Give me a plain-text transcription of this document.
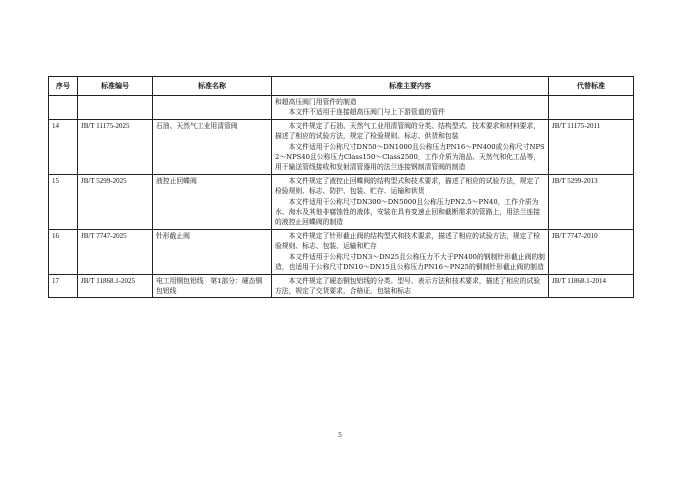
序号	标准编号	标准名称	标准主要内容	代替标准

			和超高压阀门用管件的制造

本文件不适用于连接超高压阀门与上下游管道的管件	

14	JB/T 11175-2025	石油、天然气工业用清管阀	本文件规定了石油、天然气工业用清管阀的分类、结构型式、技术要求和材料要求，描述了相应的试验方法，规定了检验规则、标志、供货和包装

本文件适用于公称尺寸DN50～DN1000且公称压力PN16～PN400或公称尺寸NPS2～NPS40且公称压力Class150～Class2500，工作介质为油品、天然气和化工品等，用于输送管线接收和发射清管器用的法兰连接钢制清管阀的制造	JB/T 11175-2011
15	JB/T 5299-2025	液控止回蝶阀	本文件规定了液控止回蝶阀的结构型式和技术要求，描述了相应的试验方法，规定了检验规则、标志、防护、包装、贮存、运输和供货

本文件适用于公称尺寸DN300～DN5000且公称压力PN2.5～PN40，工作介质为水、海水及其他非腐蚀性的液体，安装在具有变速止回和截断需求的管路上，用法兰连接的液控止回蝶阀的制造	JB/T 5299-2013
16	JB/T 7747-2025	针形截止阀	本文件规定了针形截止阀的结构型式和技术要求，描述了相应的试验方法，规定了检验规则、标志、包装、运输和贮存

本文件适用于公称尺寸DN3～DN25且公称压力不大于PN400的钢制针形截止阀的制造，也适用于公称尺寸DN10～DN15且公称压力PN16～PN25的铜制针形截止阀的制造	JB/T 7747-2010
17	JB/T 11868.1-2025	电工用铜包铝线　第1部分：硬态铜包铝线	本文件规定了硬态铜包铝线的分类、型号、表示方法和技术要求，描述了相应的试验方法，规定了交货要求，合格证、包装和标志	JB/T 11868.1-2014
5
